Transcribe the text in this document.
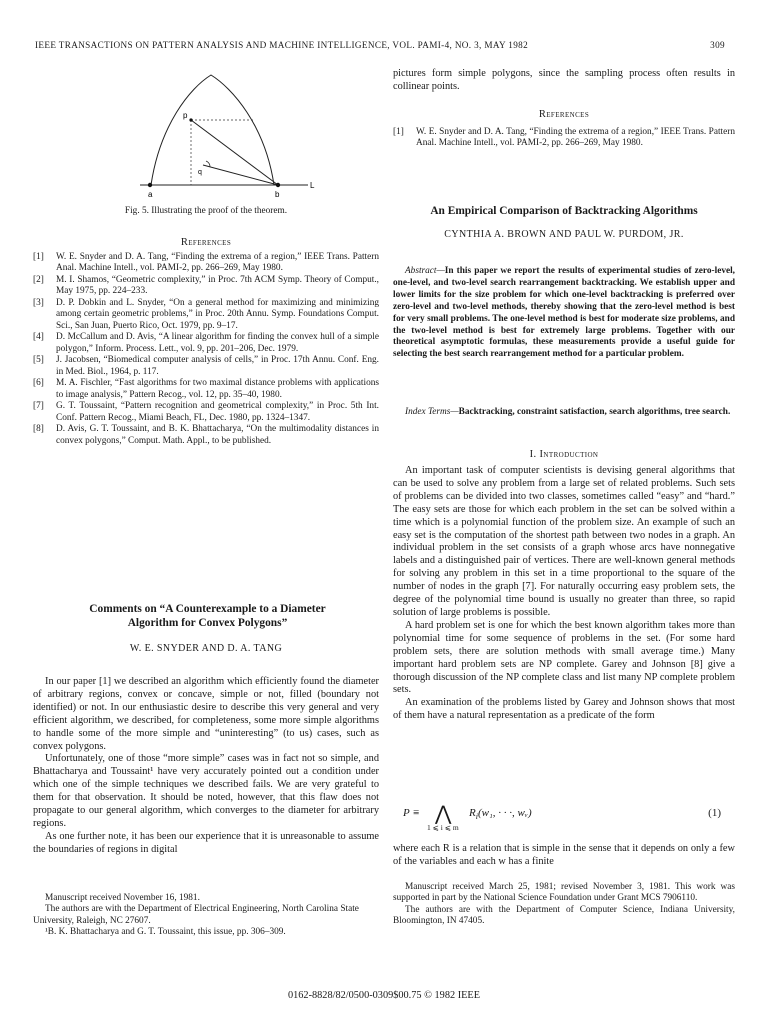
IEEE TRANSACTIONS ON PATTERN ANALYSIS AND MACHINE INTELLIGENCE, VOL. PAMI-4, NO. 3, MAY 1982	309
p
q
a	b
L
Fig. 5. Illustrating the proof of the theorem.
References
[1] W. E. Snyder and D. A. Tang, “Finding the extrema of a region,” IEEE Trans. Pattern Anal. Machine Intell., vol. PAMI-2, pp. 266–269, May 1980.
[2] M. I. Shamos, “Geometric complexity,” in Proc. 7th ACM Symp. Theory of Comput., May 1975, pp. 224–233.
[3] D. P. Dobkin and L. Snyder, “On a general method for maximizing and minimizing among certain geometric problems,” in Proc. 20th Annu. Symp. Foundations Comput. Sci., San Juan, Puerto Rico, Oct. 1979, pp. 9–17.
[4] D. McCallum and D. Avis, “A linear algorithm for finding the convex hull of a simple polygon,” Inform. Process. Lett., vol. 9, pp. 201–206, Dec. 1979.
[5] J. Jacobsen, “Biomedical computer analysis of cells,” in Proc. 17th Annu. Conf. Eng. in Med. Biol., 1964, p. 117.
[6] M. A. Fischler, “Fast algorithms for two maximal distance problems with applications to image analysis,” Pattern Recog., vol. 12, pp. 35–40, 1980.
[7] G. T. Toussaint, “Pattern recognition and geometrical complexity,” in Proc. 5th Int. Conf. Pattern Recog., Miami Beach, FL, Dec. 1980, pp. 1324–1347.
[8] D. Avis, G. T. Toussaint, and B. K. Bhattacharya, “On the multimodality distances in convex polygons,” Comput. Math. Appl., to be published.
Comments on “A Counterexample to a Diameter Algorithm for Convex Polygons”
W. E. SNYDER AND D. A. TANG

In our paper [1] we described an algorithm which efficiently found the diameter of arbitrary regions, convex or concave, simple or not, filled (boundary not identified) or not. In our enthusiastic desire to describe this very general and very efficient algorithm, we described, for completeness, some more simple algorithms to handle some of the more simple and “uninteresting” (to us) cases, such as convex polygons.

Unfortunately, one of those “more simple” cases was in fact not so simple, and Bhattacharya and Toussaint¹ have very accurately pointed out a condition under which one of the simple techniques we described fails. We are very grateful to them for that observation. It should be noted, however, that this flaw does not propagate to our general algorithm, which converges to the diameter for arbitrary regions.

As one further note, it has been our experience that it is unreasonable to assume the boundaries of regions in digital

Manuscript received November 16, 1981.

The authors are with the Department of Electrical Engineering, North Carolina State University, Raleigh, NC 27607.

¹B. K. Bhattacharya and G. T. Toussaint, this issue, pp. 306–309.

pictures form simple polygons, since the sampling process often results in collinear points.

References
[1] W. E. Snyder and D. A. Tang, “Finding the extrema of a region,” IEEE Trans. Pattern Anal. Machine Intell., vol. PAMI-2, pp. 266–269, May 1980.
An Empirical Comparison of Backtracking Algorithms
CYNTHIA A. BROWN AND PAUL W. PURDOM, JR.

Abstract—In this paper we report the results of experimental studies of zero-level, one-level, and two-level search rearrangement backtracking. We establish upper and lower limits for the size problem for which one-level backtracking is preferred over zero-level and two-level methods, thereby showing that the zero-level method is best for very small problems. The one-level method is best for moderate size problems, and the two-level method is best for extremely large problems. Together with our theoretical asymptotic formulas, these measurements provide a useful guide for selecting the best search rearrangement method for a particular problem.

Index Terms—Backtracking, constraint satisfaction, search algorithms, tree search.

I. Introduction

An important task of computer scientists is devising general algorithms that can be used to solve any problem from a large set of related problems. Such sets of problems can be divided into two classes, sometimes called “easy” and “hard.” The easy sets are those for which each problem in the set can be solved within a time which is a polynomial function of the problem size. An example of such an easy set is the computation of the shortest path between two nodes in a graph. An individual problem in the set consists of a graph whose arcs have nonnegative labels and a distinguished pair of vertices. There are well-known general methods for solving any problem in this set in a time proportional to the square of the number of nodes in the graph [7]. For naturally occurring easy problem sets, the degree of the polynomial time bound is usually no greater than three, so rapid solution of large problems is possible.

A hard problem set is one for which the best known algorithm takes more than polynomial time for some sequence of problems in the set. (For some hard problem sets, there are solution methods with small average time.) Many important hard problem sets are NP complete. Garey and Johnson [8] give a thorough discussion of the NP complete class and list many NP complete problem sets.

An examination of the problems listed by Garey and Johnson shows that most of them have a natural representation as a predicate of the form

P ≡ ⋀
1 ⩽ i ⩽ m
$R_i(w_1$, · · ·, wᵥ)	(1)

where each R is a relation that is simple in the sense that it depends on only a few of the variables and each w has a finite

Manuscript received March 25, 1981; revised November 3, 1981. This work was supported in part by the National Science Foundation under Grant MCS 7906110.

The authors are with the Department of Computer Science, Indiana University, Bloomington, IN 47405.

0162-8828/82/0500-0309$00.75 © 1982 IEEE
